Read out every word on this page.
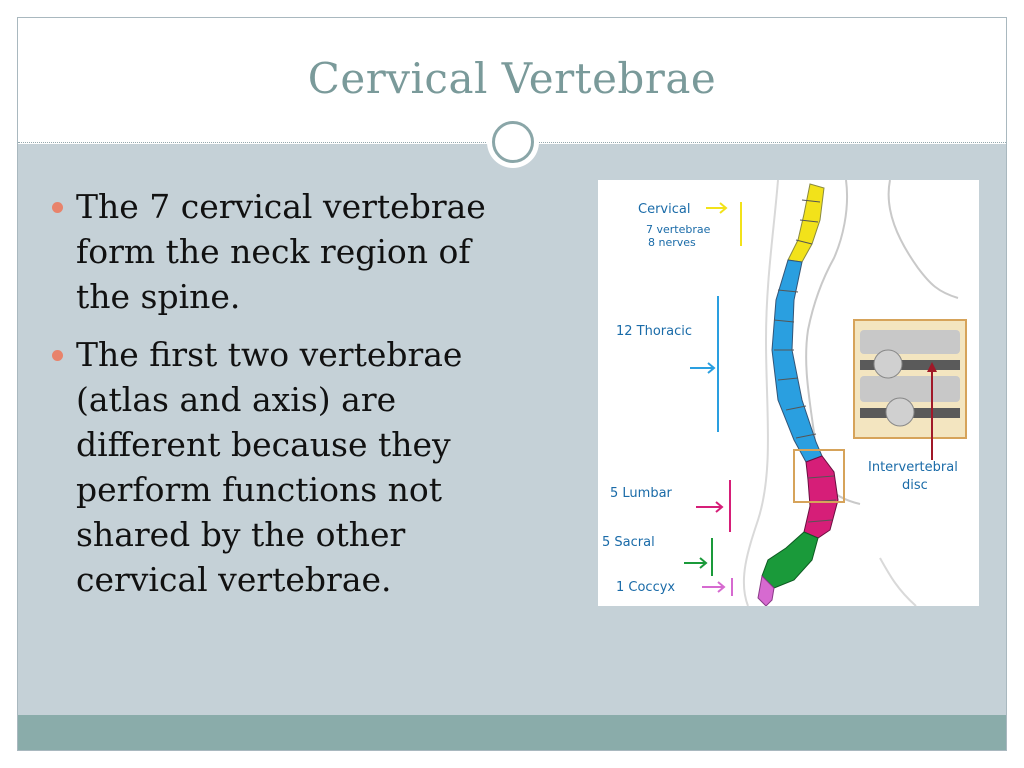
Cervical Vertebrae
The 7 cervical vertebrae form the neck region of the spine.
The first two vertebrae (atlas and axis) are different because they perform functions not shared by the other cervical vertebrae.
Cervical
7 vertebrae
8 nerves
12 Thoracic
5 Lumbar
5 Sacral
1 Coccyx
Intervertebral
disc
